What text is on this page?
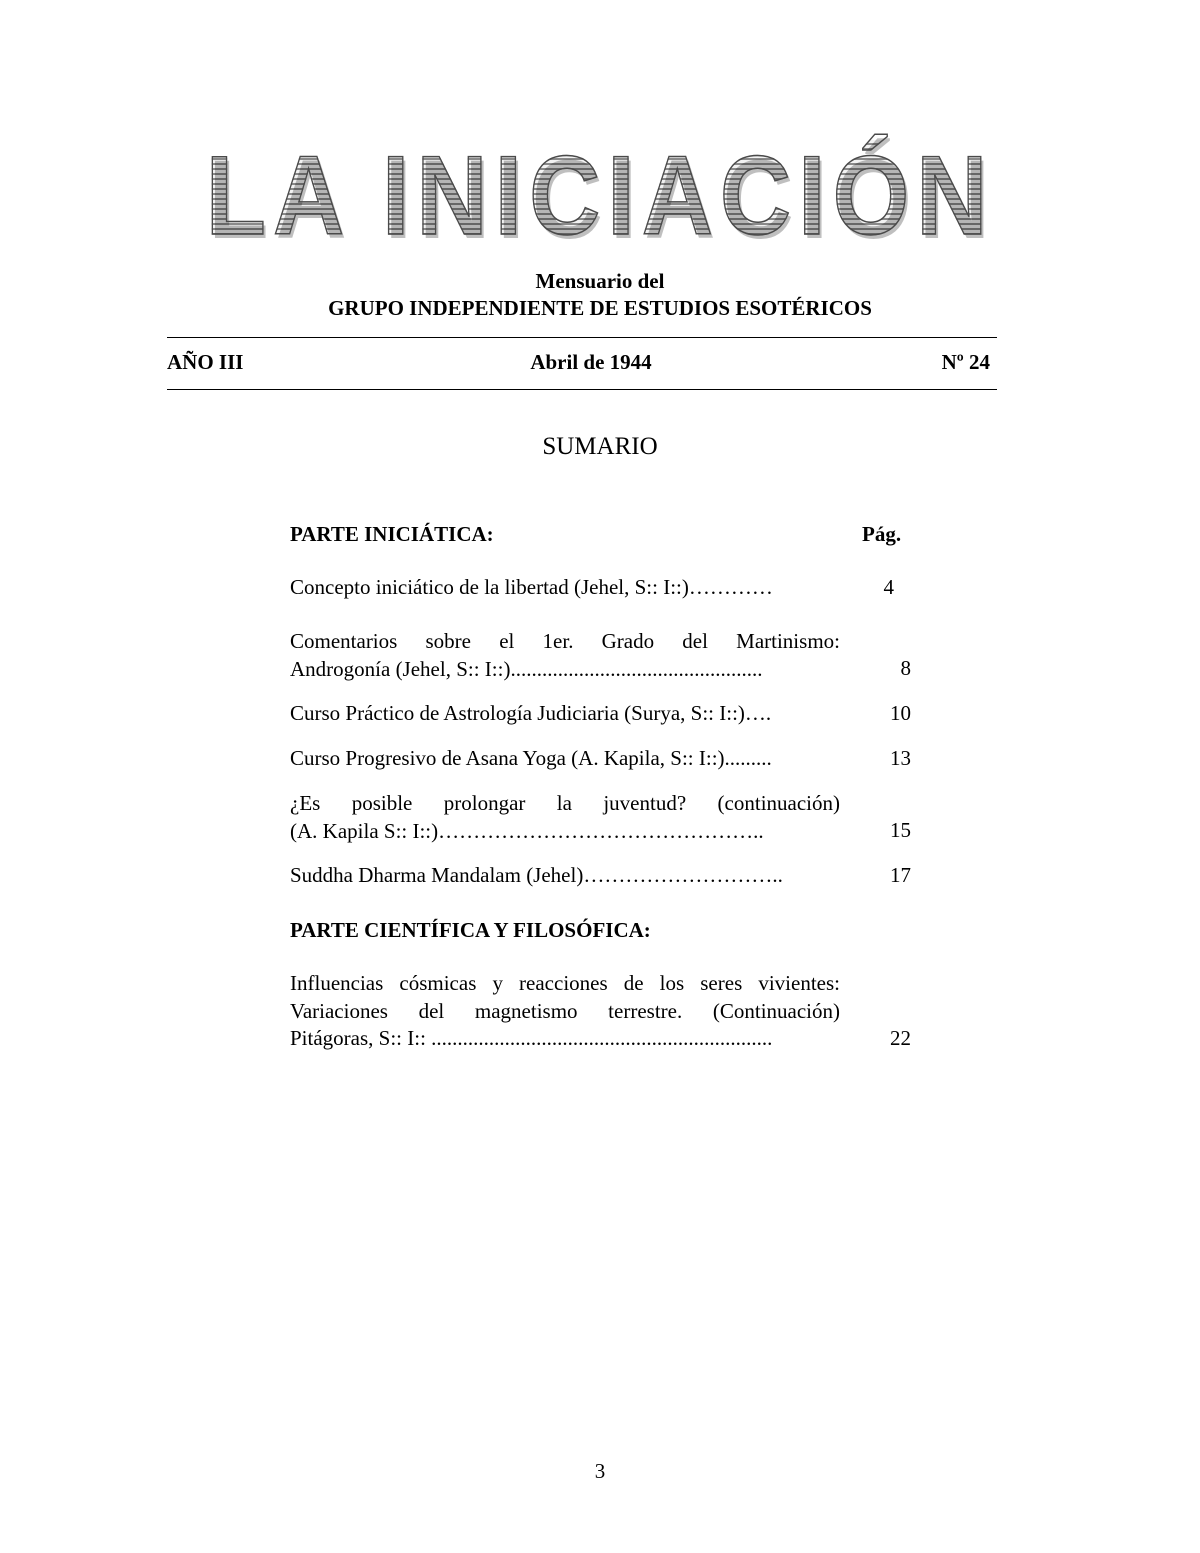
LA INICIACIÓN
Mensuario del
GRUPO INDEPENDIENTE DE ESTUDIOS ESOTÉRICOS
AÑO III	Abril de 1944	Nº 24
SUMARIO
PARTE INICIÁTICA:	Pág.
Concepto iniciático de la libertad (Jehel, S:: I::)…………	4
Comentarios sobre el 1er. Grado del Martinismo:
Androgonía (Jehel, S:: I::)................................................	8
Curso Práctico de Astrología Judiciaria (Surya, S:: I::)….	10
Curso Progresivo de Asana Yoga (A. Kapila, S:: I::).........	13
¿Es posible prolongar la juventud? (continuación)
(A. Kapila S:: I::)………………………………………..	15
Suddha Dharma Mandalam (Jehel)………………………..	17
PARTE CIENTÍFICA Y FILOSÓFICA:
Influencias cósmicas y reacciones de los seres vivientes:
Variaciones del magnetismo terrestre. (Continuación)
Pitágoras, S:: I:: .................................................................	22
3
